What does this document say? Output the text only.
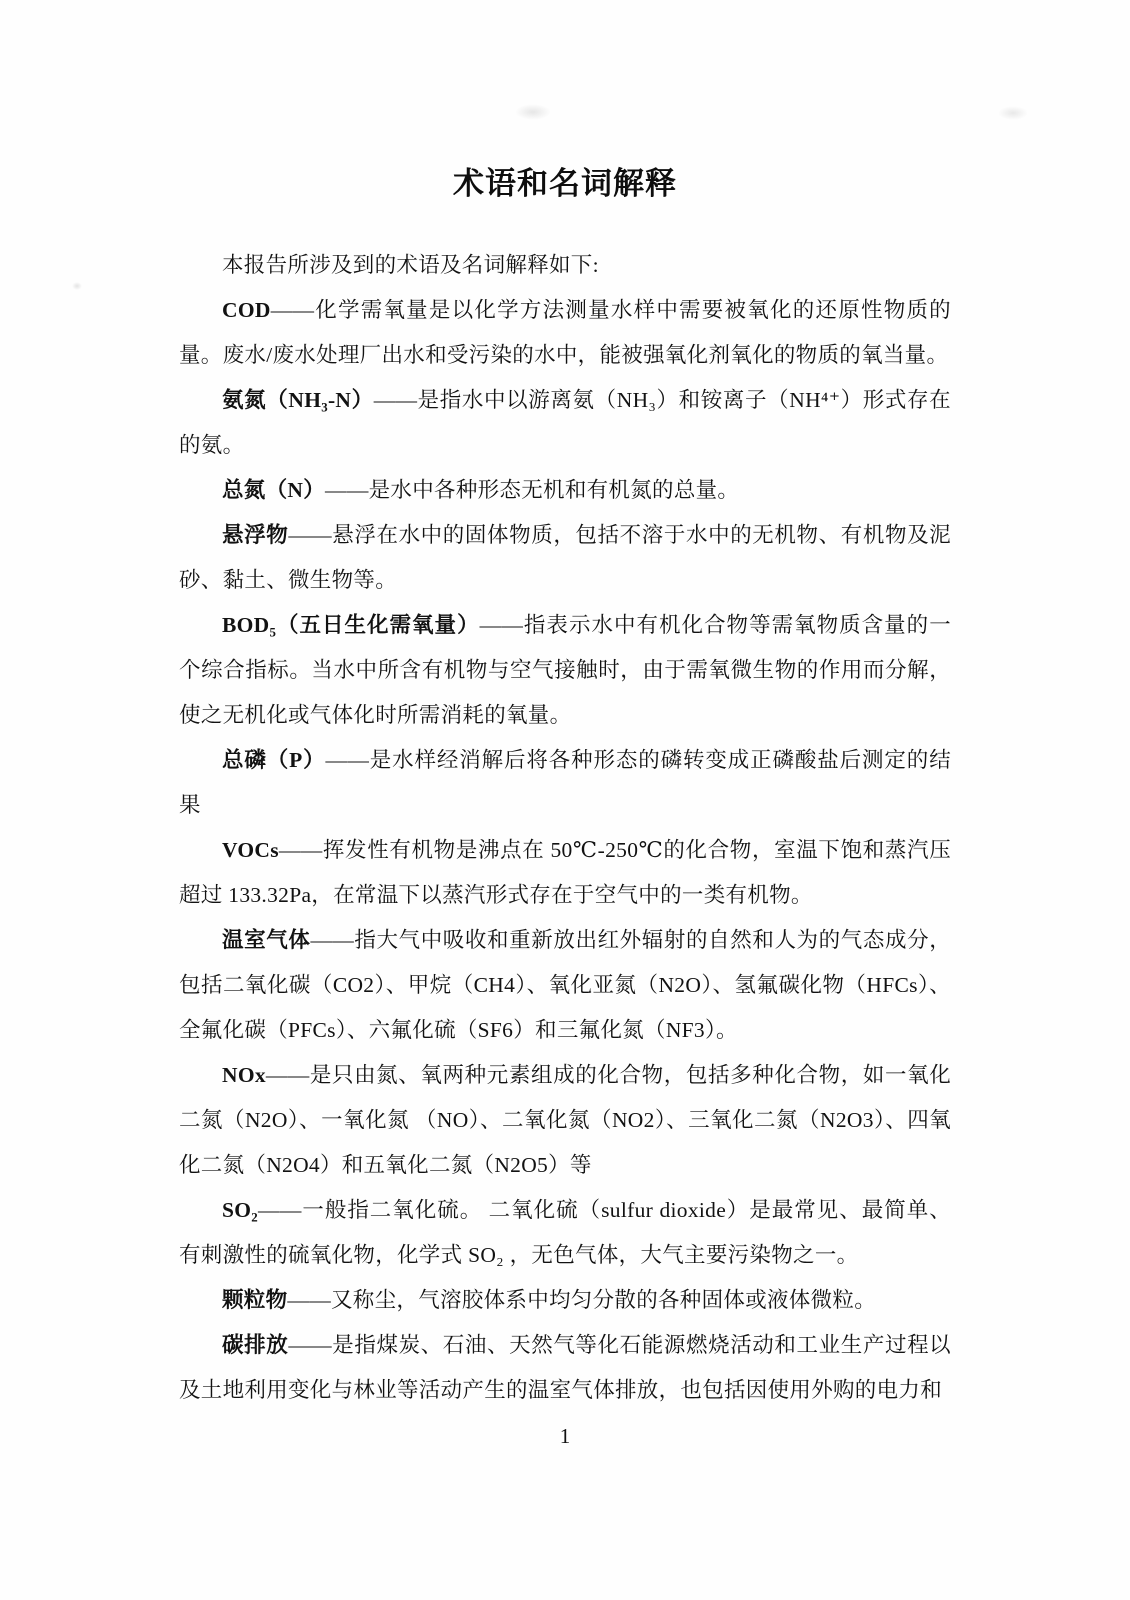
术语和名词解释

本报告所涉及到的术语及名词解释如下:

COD——化学需氧量是以化学方法测量水样中需要被氧化的还原性物质的量。废水/废水处理厂出水和受污染的水中，能被强氧化剂氧化的物质的氧当量。

氨氮（NH₃-N）——是指水中以游离氨（NH₃）和铵离子（NH⁴⁺）形式存在的氨。

总氮（N）——是水中各种形态无机和有机氮的总量。

悬浮物——悬浮在水中的固体物质，包括不溶于水中的无机物、有机物及泥砂、黏土、微生物等。

BOD₅（五日生化需氧量）——指表示水中有机化合物等需氧物质含量的一个综合指标。当水中所含有机物与空气接触时，由于需氧微生物的作用而分解，使之无机化或气体化时所需消耗的氧量。

总磷（P）——是水样经消解后将各种形态的磷转变成正磷酸盐后测定的结果

VOCs——挥发性有机物是沸点在 50℃-250℃的化合物，室温下饱和蒸汽压超过 133.32Pa，在常温下以蒸汽形式存在于空气中的一类有机物。

温室气体——指大气中吸收和重新放出红外辐射的自然和人为的气态成分，包括二氧化碳（CO2）、甲烷（CH4）、氧化亚氮（N2O）、氢氟碳化物（HFCs）、全氟化碳（PFCs）、六氟化硫（SF6）和三氟化氮（NF3）。

NOx——是只由氮、氧两种元素组成的化合物，包括多种化合物，如一氧化二氮（N2O）、一氧化氮 （NO）、二氧化氮（NO2）、三氧化二氮（N2O3）、四氧化二氮（N2O4）和五氧化二氮（N2O5）等

SO₂——一般指二氧化硫。 二氧化硫（sulfur dioxide）是最常见、最简单、有刺激性的硫氧化物，化学式 SO₂ ，无色气体，大气主要污染物之一。

颗粒物——又称尘，气溶胶体系中均匀分散的各种固体或液体微粒。

碳排放——是指煤炭、石油、天然气等化石能源燃烧活动和工业生产过程以及土地利用变化与林业等活动产生的温室气体排放，也包括因使用外购的电力和

1
